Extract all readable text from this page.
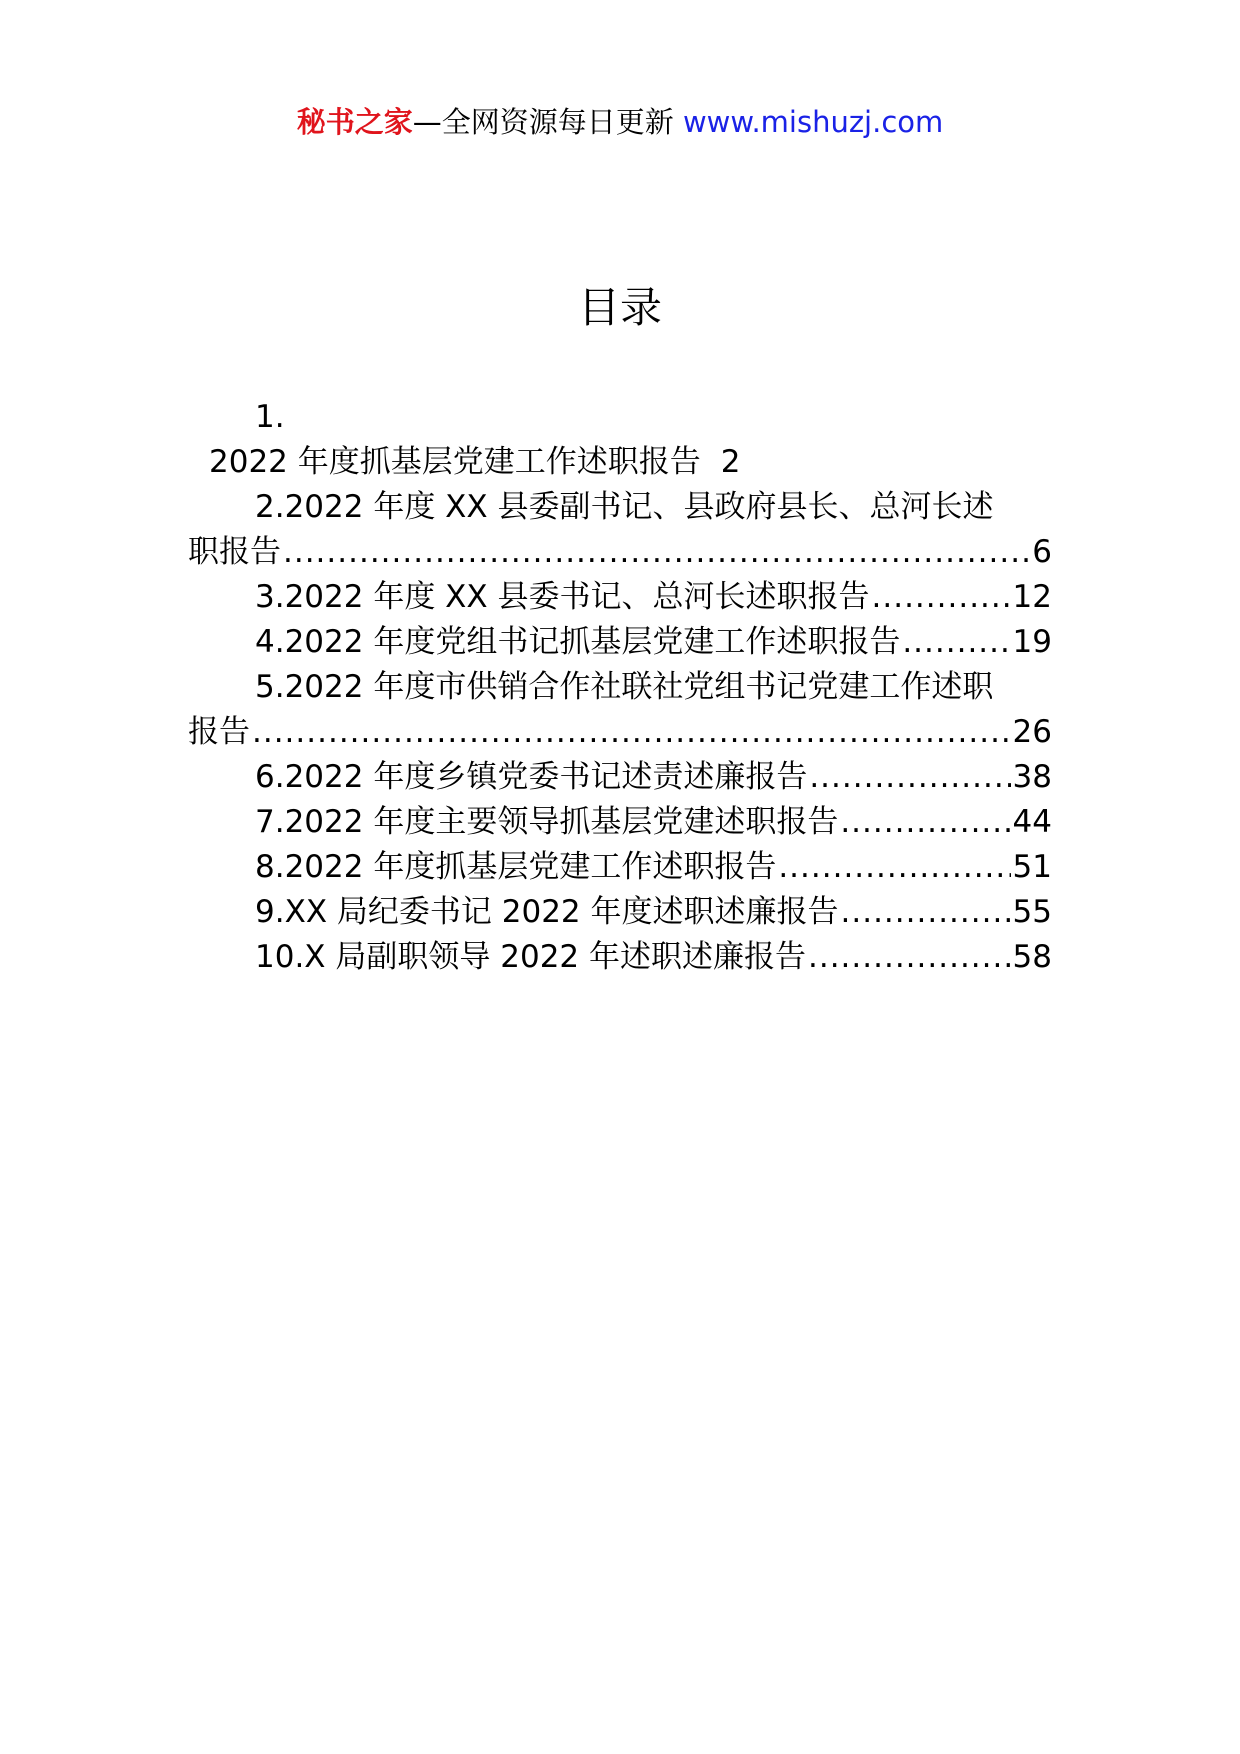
秘书之家—全网资源每日更新 www.mishuzj.com
目录
1.
2022 年度抓基层党建工作述职报告 2
2.2022 年度 XX 县委副书记、县政府县长、总河长述
职报告 .....	6
3.2022 年度 XX 县委书记、总河长述职报告 .....	12
4.2022 年度党组书记抓基层党建工作述职报告 .....	19
5.2022 年度市供销合作社联社党组书记党建工作述职
报告 .....	26
6.2022 年度乡镇党委书记述责述廉报告 .....	38
7.2022 年度主要领导抓基层党建述职报告 .....	44
8.2022 年度抓基层党建工作述职报告 .....	51
9.XX 局纪委书记 2022 年度述职述廉报告 .....	55
10.X 局副职领导 2022 年述职述廉报告 .....	58
